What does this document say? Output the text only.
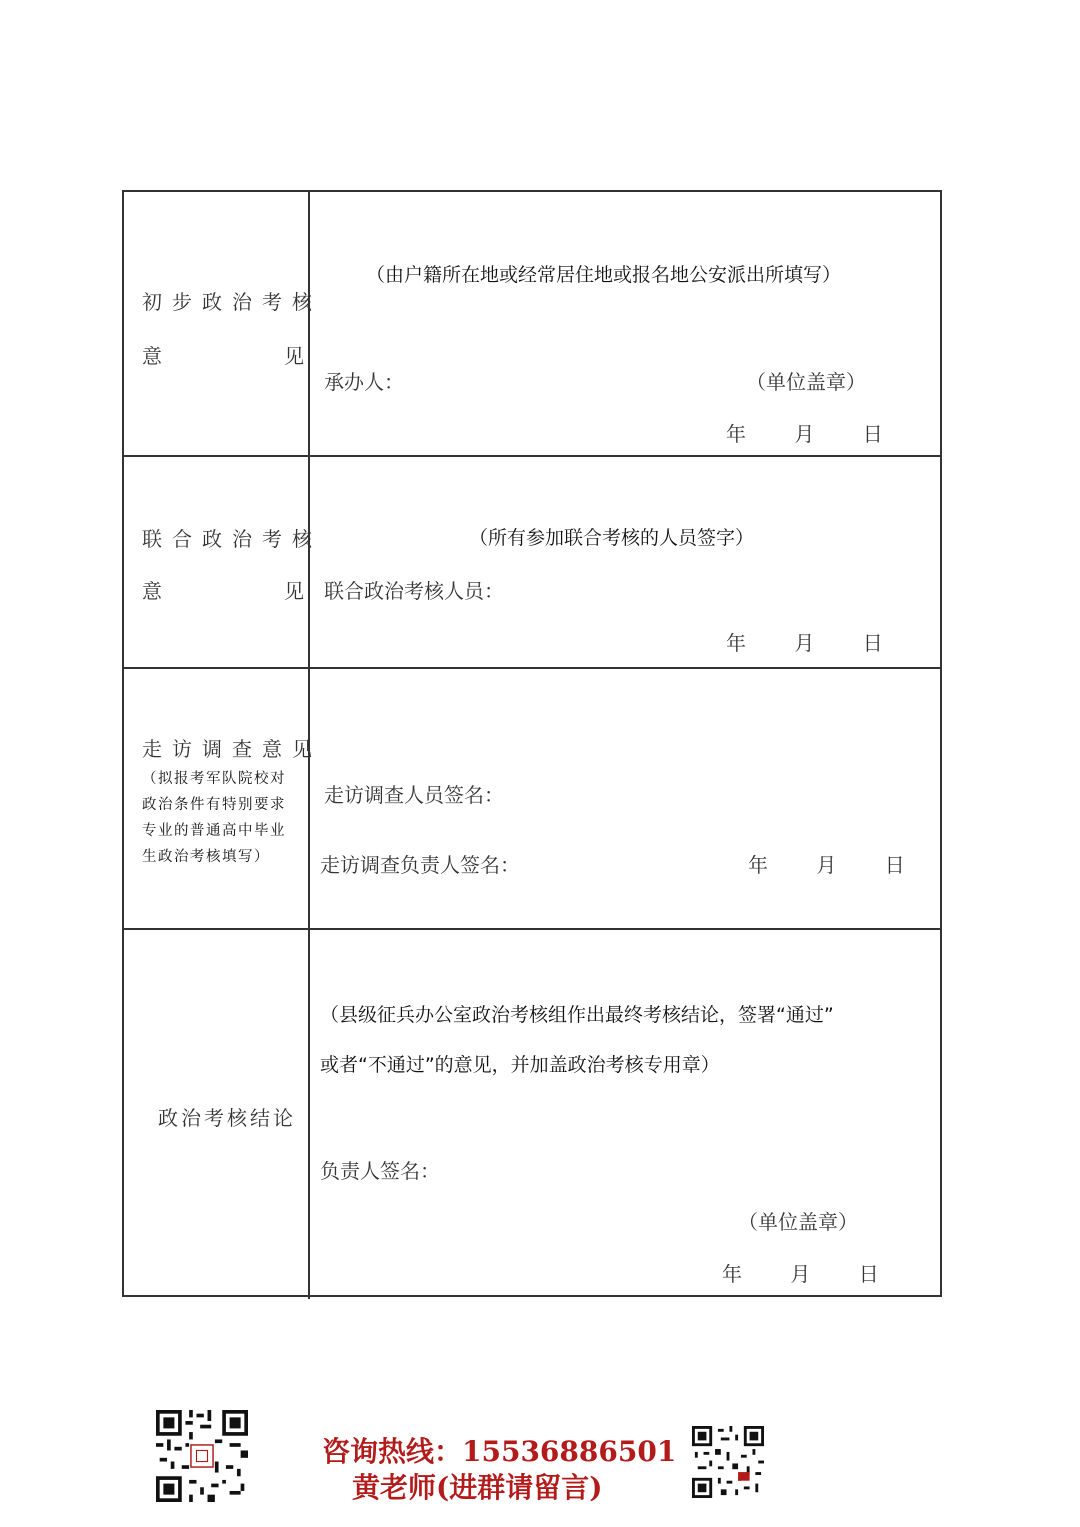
初步政治考核
意	见
（由户籍所在地或经常居住地或报名地公安派出所填写）
承办人：	（单位盖章）
年 月 日
联合政治考核
意	见
（所有参加联合考核的人员签字）
联合政治考核人员：
年 月 日
走访调查意见
（拟报考军队院校对
政治条件有特别要求
专业的普通高中毕业
生政治考核填写）
走访调查人员签名：
走访调查负责人签名：	年 月 日
政治考核结论
（县级征兵办公室政治考核组作出最终考核结论，签署“通过”
或者“不通过”的意见，并加盖政治考核专用章）
负责人签名：
（单位盖章）
年 月 日
咨询热线：15536886501
黄老师(进群请留言)
